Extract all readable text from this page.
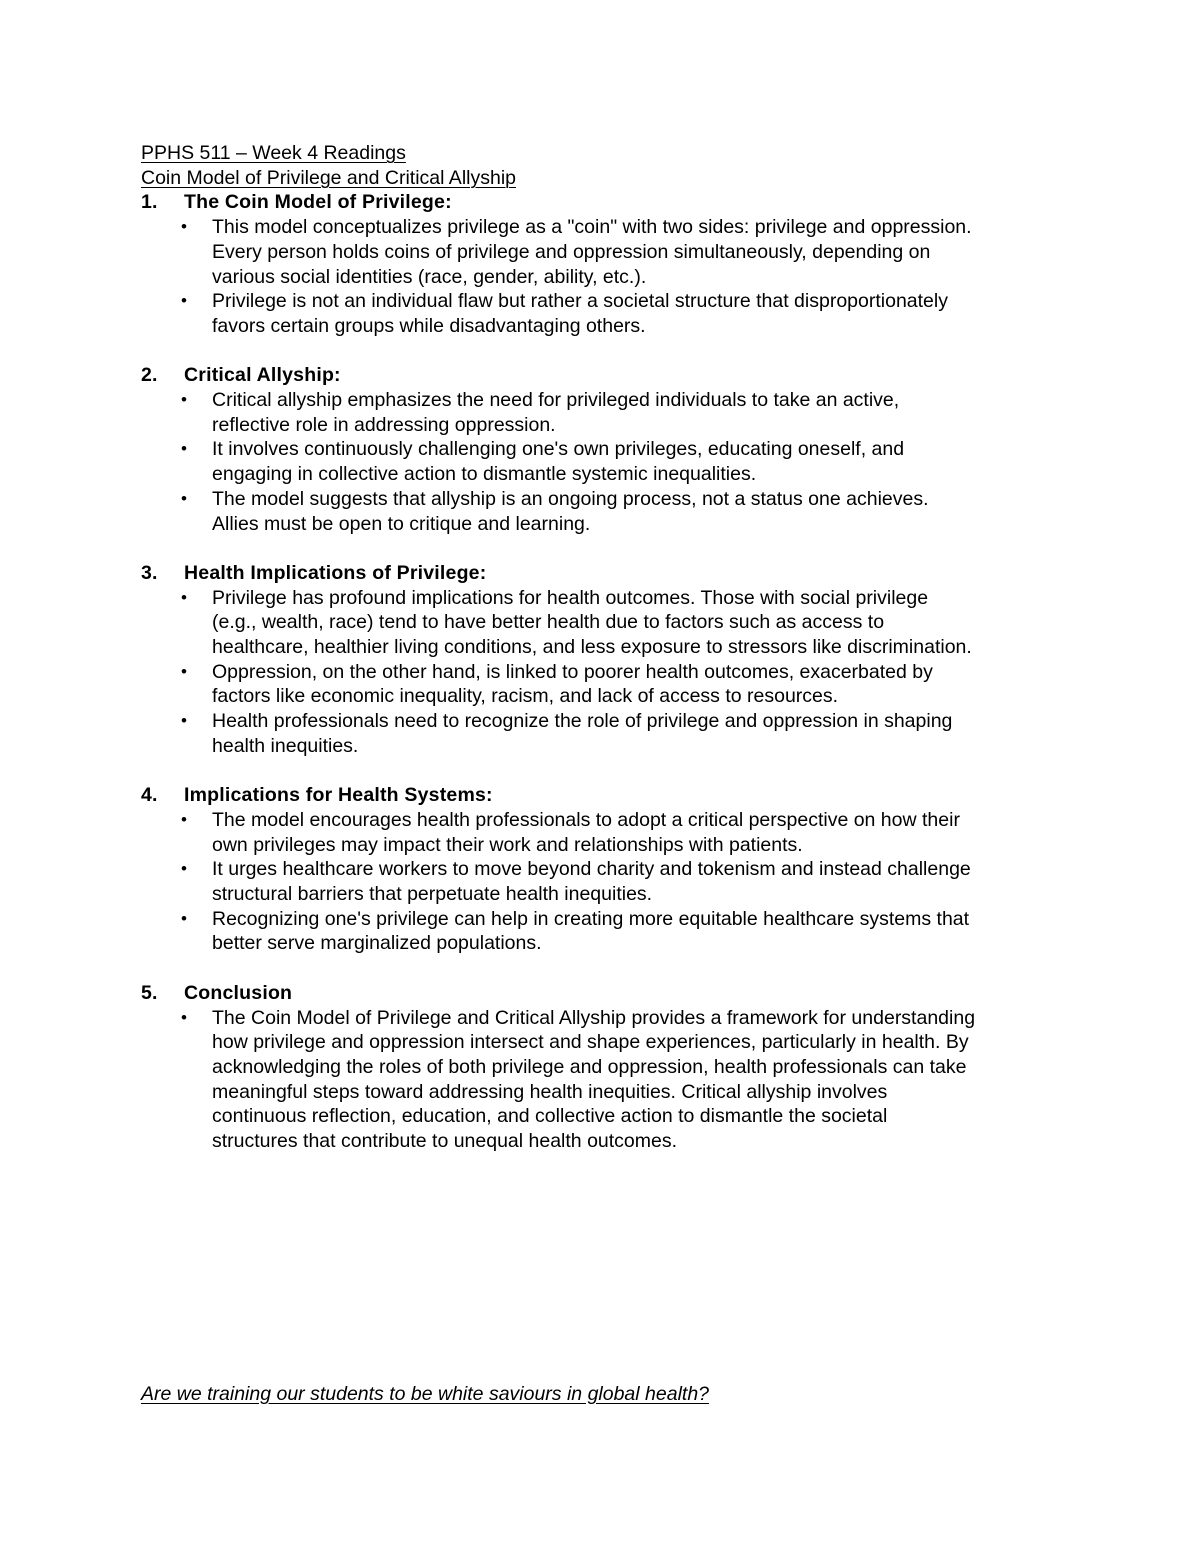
PPHS 511 – Week 4 Readings
Coin Model of Privilege and Critical Allyship
1.	The Coin Model of Privilege:
•	This model conceptualizes privilege as a "coin" with two sides: privilege and oppression.
Every person holds coins of privilege and oppression simultaneously, depending on
various social identities (race, gender, ability, etc.).
•	Privilege is not an individual flaw but rather a societal structure that disproportionately
favors certain groups while disadvantaging others.
2.	Critical Allyship:
•	Critical allyship emphasizes the need for privileged individuals to take an active,
reflective role in addressing oppression.
•	It involves continuously challenging one's own privileges, educating oneself, and
engaging in collective action to dismantle systemic inequalities.
•	The model suggests that allyship is an ongoing process, not a status one achieves.
Allies must be open to critique and learning.
3.	Health Implications of Privilege:
•	Privilege has profound implications for health outcomes. Those with social privilege
(e.g., wealth, race) tend to have better health due to factors such as access to
healthcare, healthier living conditions, and less exposure to stressors like discrimination.
•	Oppression, on the other hand, is linked to poorer health outcomes, exacerbated by
factors like economic inequality, racism, and lack of access to resources.
•	Health professionals need to recognize the role of privilege and oppression in shaping
health inequities.
4.	Implications for Health Systems:
•	The model encourages health professionals to adopt a critical perspective on how their
own privileges may impact their work and relationships with patients.
•	It urges healthcare workers to move beyond charity and tokenism and instead challenge
structural barriers that perpetuate health inequities.
•	Recognizing one's privilege can help in creating more equitable healthcare systems that
better serve marginalized populations.
5.	Conclusion
•	The Coin Model of Privilege and Critical Allyship provides a framework for understanding
how privilege and oppression intersect and shape experiences, particularly in health. By
acknowledging the roles of both privilege and oppression, health professionals can take
meaningful steps toward addressing health inequities. Critical allyship involves
continuous reflection, education, and collective action to dismantle the societal
structures that contribute to unequal health outcomes.
Are we training our students to be white saviours in global health?
